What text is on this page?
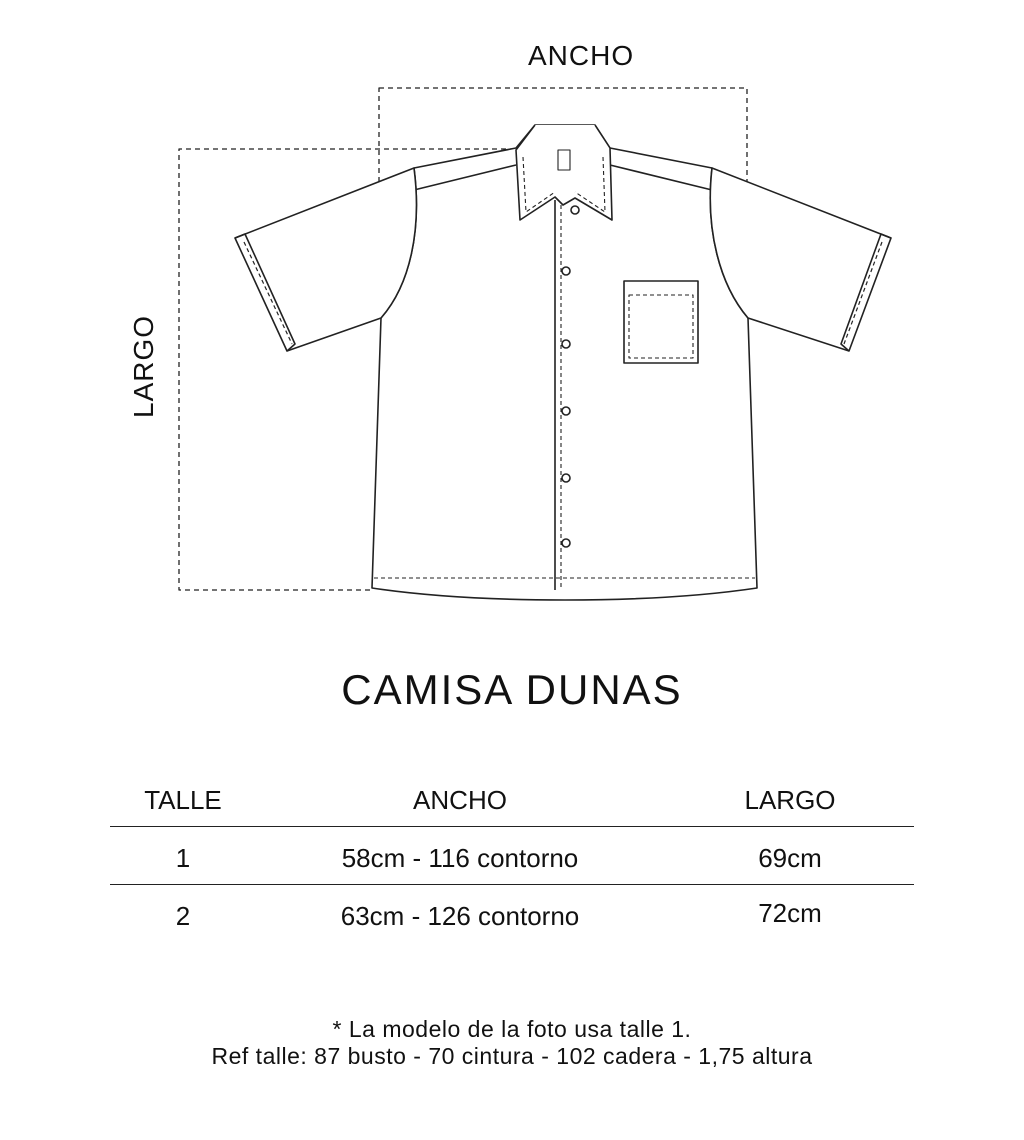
ANCHO
LARGO
CAMISA DUNAS
TALLE	ANCHO	LARGO
1	58cm - 116 contorno	69cm
2	63cm - 126 contorno	72cm
* La modelo de la foto usa talle 1.
Ref talle: 87 busto - 70 cintura - 102 cadera - 1,75 altura
